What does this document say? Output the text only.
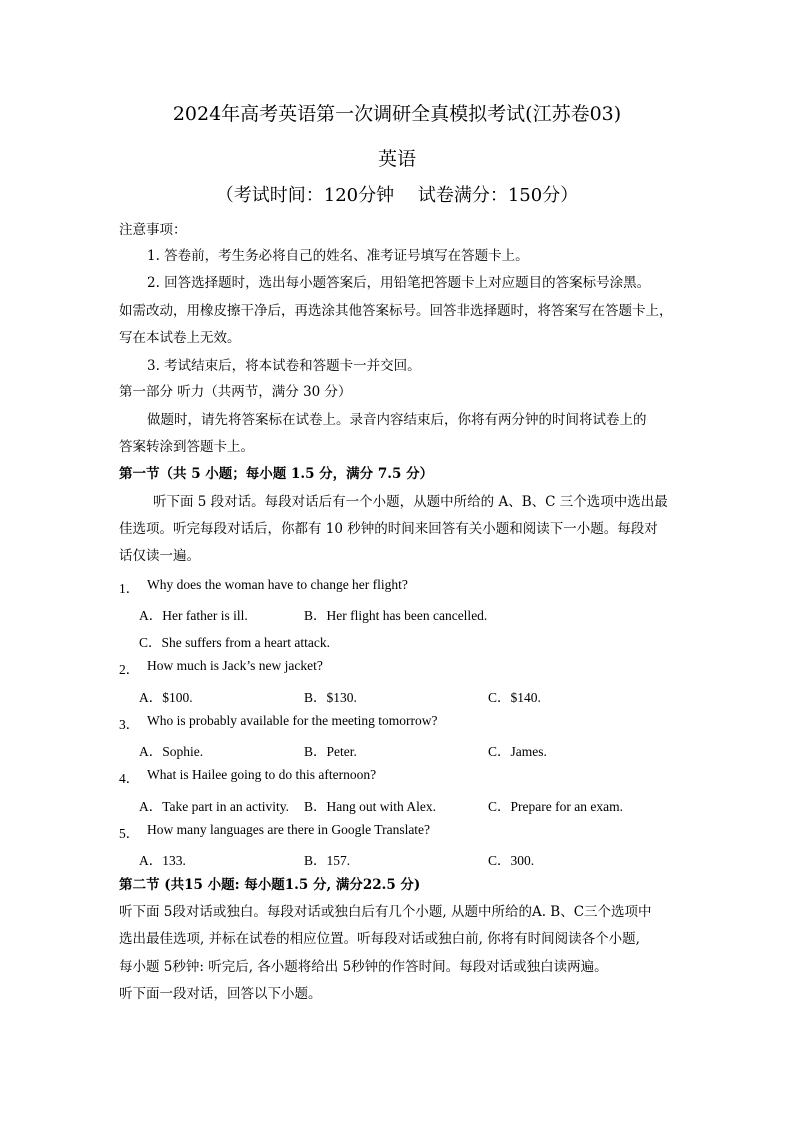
2024年高考英语第一次调研全真模拟考试(江苏卷03)
英语
（考试时间：120分钟　 试卷满分：150分）
注意事项：
1. 答卷前，考生务必将自己的姓名、准考证号填写在答题卡上。
2. 回答选择题时，选出每小题答案后，用铅笔把答题卡上对应题目的答案标号涂黑。
如需改动，用橡皮擦干净后，再选涂其他答案标号。回答非选择题时，将答案写在答题卡上，
写在本试卷上无效。
3. 考试结束后，将本试卷和答题卡一并交回。
第一部分 听力（共两节，满分 30 分）
做题时，请先将答案标在试卷上。录音内容结束后，你将有两分钟的时间将试卷上的
答案转涂到答题卡上。
第一节（共 5 小题；每小题 1.5 分，满分 7.5 分）
听下面 5 段对话。每段对话后有一个小题，从题中所给的 A、B、C 三个选项中选出最
佳选项。听完每段对话后，你都有 10 秒钟的时间来回答有关小题和阅读下一小题。每段对
话仅读一遍。
1． Why does the woman have to change her flight?
A．Her father is ill.	B．Her flight has been cancelled.
C．She suffers from a heart attack.
2． How much is Jack’s new jacket?
A．$100.	B．$130.	C．$140.
3． Who is probably available for the meeting tomorrow?
A．Sophie.	B．Peter.	C．James.
4． What is Hailee going to do this afternoon?
A．Take part in an activity. B．Hang out with Alex.	C．Prepare for an exam.
5． How many languages are there in Google Translate?
A．133.	B．157.	C．300.
第二节 (共15 小题: 每小题1.5 分, 满分22.5 分)
听下面 5段对话或独白。每段对话或独白后有几个小题, 从题中所给的A. B、C三个选项中
选出最佳选项, 并标在试卷的相应位置。听每段对话或独白前, 你将有时间阅读各个小题,
每小题 5秒钟: 听完后, 各小题将给出 5秒钟的作答时间。每段对话或独白读两遍。
听下面一段对话，回答以下小题。
